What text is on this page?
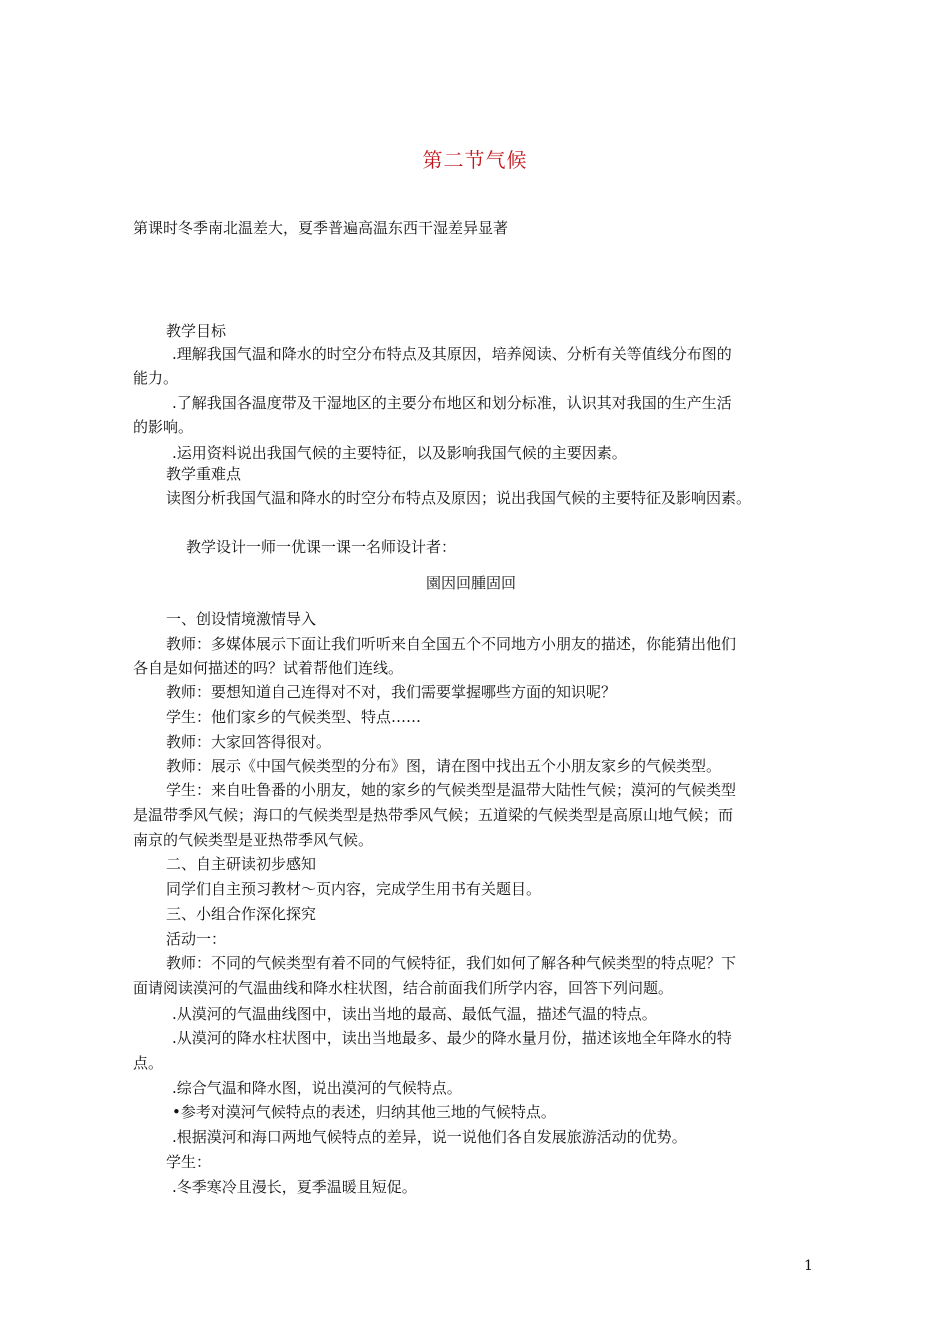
第二节气候
第课时冬季南北温差大，夏季普遍高温东西干湿差异显著
教学目标
.理解我国气温和降水的时空分布特点及其原因，培养阅读、分析有关等值线分布图的
能力。
.了解我国各温度带及干湿地区的主要分布地区和划分标准，认识其对我国的生产生活
的影响。
.运用资料说出我国气候的主要特征，以及影响我国气候的主要因素。
教学重难点
读图分析我国气温和降水的时空分布特点及原因；说出我国气候的主要特征及影响因素。
教学设计一师一优课一课一名师设计者：
園因回腫固回
一、创设情境激情导入
教师：多媒体展示下面让我们听听来自全国五个不同地方小朋友的描述，你能猜出他们
各自是如何描述的吗？试着帮他们连线。
教师：要想知道自己连得对不对，我们需要掌握哪些方面的知识呢？
学生：他们家乡的气候类型、特点……
教师：大家回答得很对。
教师：展示《中国气候类型的分布》图，请在图中找出五个小朋友家乡的气候类型。
学生：来自吐鲁番的小朋友，她的家乡的气候类型是温带大陆性气候；漠河的气候类型
是温带季风气候；海口的气候类型是热带季风气候；五道梁的气候类型是高原山地气候；而
南京的气候类型是亚热带季风气候。
二、自主研读初步感知
同学们自主预习教材～页内容，完成学生用书有关题目。
三、小组合作深化探究
活动一：
教师：不同的气候类型有着不同的气候特征，我们如何了解各种气候类型的特点呢？下
面请阅读漠河的气温曲线和降水柱状图，结合前面我们所学内容，回答下列问题。
.从漠河的气温曲线图中，读出当地的最高、最低气温，描述气温的特点。
.从漠河的降水柱状图中，读出当地最多、最少的降水量月份，描述该地全年降水的特
点。
.综合气温和降水图，说出漠河的气候特点。
•参考对漠河气候特点的表述，归纳其他三地的气候特点。
.根据漠河和海口两地气候特点的差异，说一说他们各自发展旅游活动的优势。
学生：
.冬季寒冷且漫长，夏季温暖且短促。
1
